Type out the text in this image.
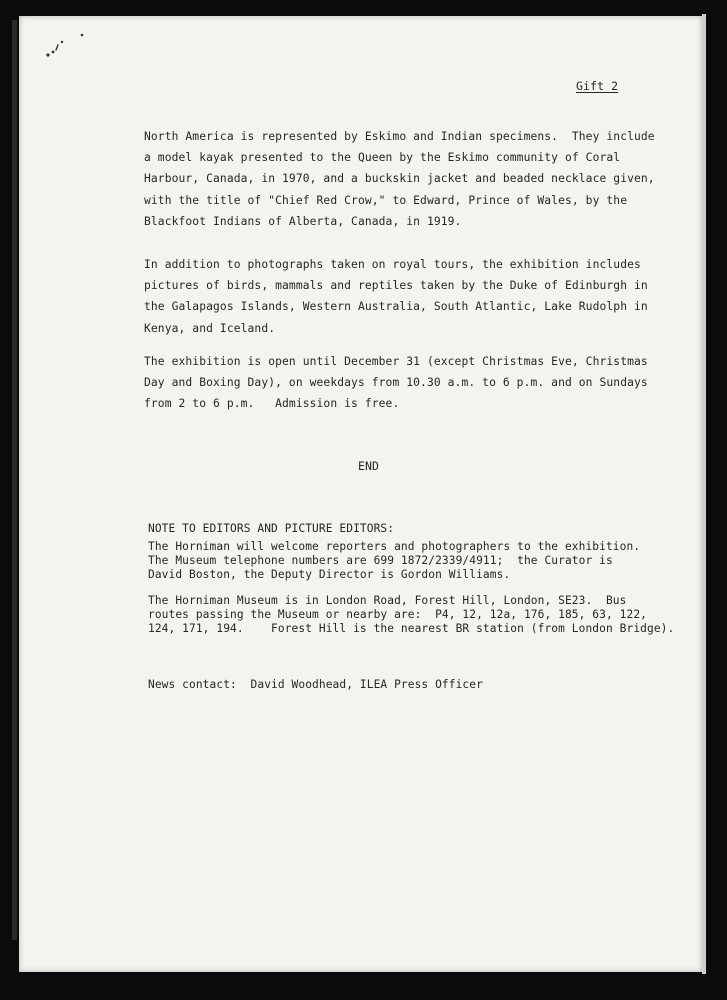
Gift 2
North America is represented by Eskimo and Indian specimens.  They include
a model kayak presented to the Queen by the Eskimo community of Coral
Harbour, Canada, in 1970, and a buckskin jacket and beaded necklace given,
with the title of "Chief Red Crow," to Edward, Prince of Wales, by the
Blackfoot Indians of Alberta, Canada, in 1919.
In addition to photographs taken on royal tours, the exhibition includes
pictures of birds, mammals and reptiles taken by the Duke of Edinburgh in
the Galapagos Islands, Western Australia, South Atlantic, Lake Rudolph in
Kenya, and Iceland.
The exhibition is open until December 31 (except Christmas Eve, Christmas
Day and Boxing Day), on weekdays from 10.30 a.m. to 6 p.m. and on Sundays
from 2 to 6 p.m.   Admission is free.
END
NOTE TO EDITORS AND PICTURE EDITORS:
The Horniman will welcome reporters and photographers to the exhibition.
The Museum telephone numbers are 699 1872/2339/4911;  the Curator is
David Boston, the Deputy Director is Gordon Williams.
The Horniman Museum is in London Road, Forest Hill, London, SE23.  Bus
routes passing the Museum or nearby are:  P4, 12, 12a, 176, 185, 63, 122,
124, 171, 194.    Forest Hill is the nearest BR station (from London Bridge).
News contact:  David Woodhead, ILEA Press Officer
